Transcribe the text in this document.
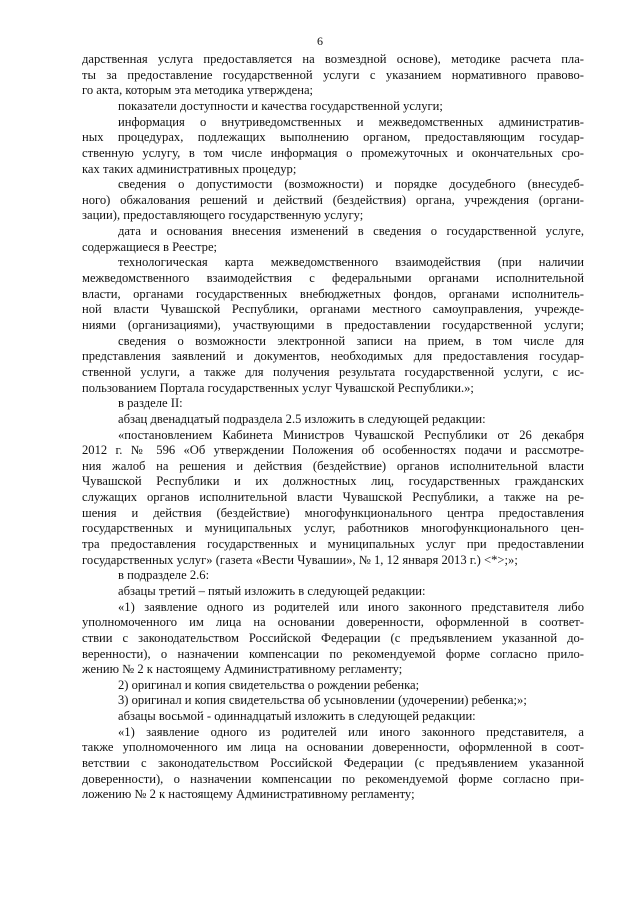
6
дарственная услуга предоставляется на возмездной основе), методике расчета пла-
ты за предоставление государственной услуги с указанием нормативного правово-
го акта, которым эта методика утверждена;
показатели доступности и качества государственной услуги;
информация о внутриведомственных и межведомственных административ-
ных процедурах, подлежащих выполнению органом, предоставляющим государ-
ственную услугу, в том числе информация о промежуточных и окончательных сро-
ках таких административных процедур;
сведения о допустимости (возможности) и порядке досудебного (внесудеб-
ного) обжалования решений и действий (бездействия) органа, учреждения (органи-
зации), предоставляющего государственную услугу;
дата и основания внесения изменений в сведения о государственной услуге,
содержащиеся в Реестре;
технологическая карта межведомственного взаимодействия (при наличии
межведомственного взаимодействия с федеральными органами исполнительной
власти, органами государственных внебюджетных фондов, органами исполнитель-
ной власти Чувашской Республики, органами местного самоуправления, учрежде-
ниями (организациями), участвующими в предоставлении государственной услуги;
сведения о возможности электронной записи на прием, в том числе для
представления заявлений и документов, необходимых для предоставления государ-
ственной услуги, а также для получения результата государственной услуги, с ис-
пользованием Портала государственных услуг Чувашской Республики.»;
в разделе II:
абзац двенадцатый подраздела 2.5 изложить в следующей редакции:
«постановлением Кабинета Министров Чувашской Республики от 26 декабря
2012 г. № 596 «Об утверждении Положения об особенностях подачи и рассмотре-
ния жалоб на решения и действия (бездействие) органов исполнительной власти
Чувашской Республики и их должностных лиц, государственных гражданских
служащих органов исполнительной власти Чувашской Республики, а также на ре-
шения и действия (бездействие) многофункционального центра предоставления
государственных и муниципальных услуг, работников многофункционального цен-
тра предоставления государственных и муниципальных услуг при предоставлении
государственных услуг» (газета «Вести Чувашии», № 1, 12 января 2013 г.) <*>;»;
в подразделе 2.6:
абзацы третий – пятый изложить в следующей редакции:
«1) заявление одного из родителей или иного законного представителя либо
уполномоченного им лица на основании доверенности, оформленной в соответ-
ствии с законодательством Российской Федерации (с предъявлением указанной до-
веренности), о назначении компенсации по рекомендуемой форме согласно прило-
жению № 2 к настоящему Административному регламенту;
2) оригинал и копия свидетельства о рождении ребенка;
3) оригинал и копия свидетельства об усыновлении (удочерении) ребенка;»;
абзацы восьмой - одиннадцатый изложить в следующей редакции:
«1) заявление одного из родителей или иного законного представителя, а
также уполномоченного им лица на основании доверенности, оформленной в соот-
ветствии с законодательством Российской Федерации (с предъявлением указанной
доверенности), о назначении компенсации по рекомендуемой форме согласно при-
ложению № 2 к настоящему Административному регламенту;
